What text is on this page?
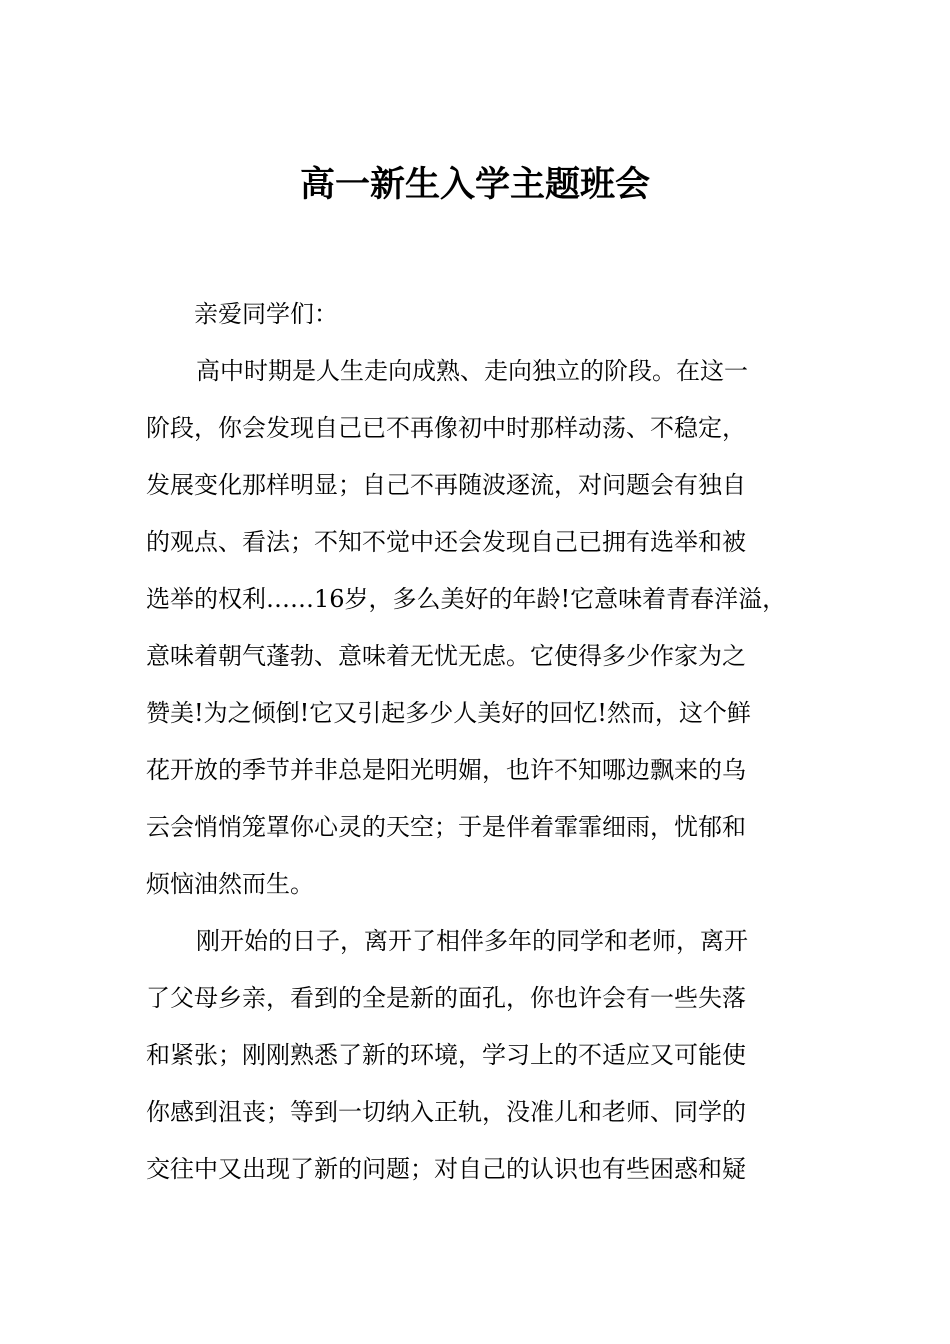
高一新生入学主题班会

亲爱同学们：

高中时期是人生走向成熟、走向独立的阶段。在这一

阶段，你会发现自己已不再像初中时那样动荡、不稳定，

发展变化那样明显；自己不再随波逐流，对问题会有独自

的观点、看法；不知不觉中还会发现自己已拥有选举和被

选举的权利……16岁，多么美好的年龄!它意味着青春洋溢，

意味着朝气蓬勃、意味着无忧无虑。它使得多少作家为之

赞美!为之倾倒!它又引起多少人美好的回忆!然而，这个鲜

花开放的季节并非总是阳光明媚，也许不知哪边飘来的乌

云会悄悄笼罩你心灵的天空；于是伴着霏霏细雨，忧郁和

烦恼油然而生。

刚开始的日子，离开了相伴多年的同学和老师，离开

了父母乡亲，看到的全是新的面孔，你也许会有一些失落

和紧张；刚刚熟悉了新的环境，学习上的不适应又可能使

你感到沮丧；等到一切纳入正轨，没准儿和老师、同学的

交往中又出现了新的问题；对自己的认识也有些困惑和疑
